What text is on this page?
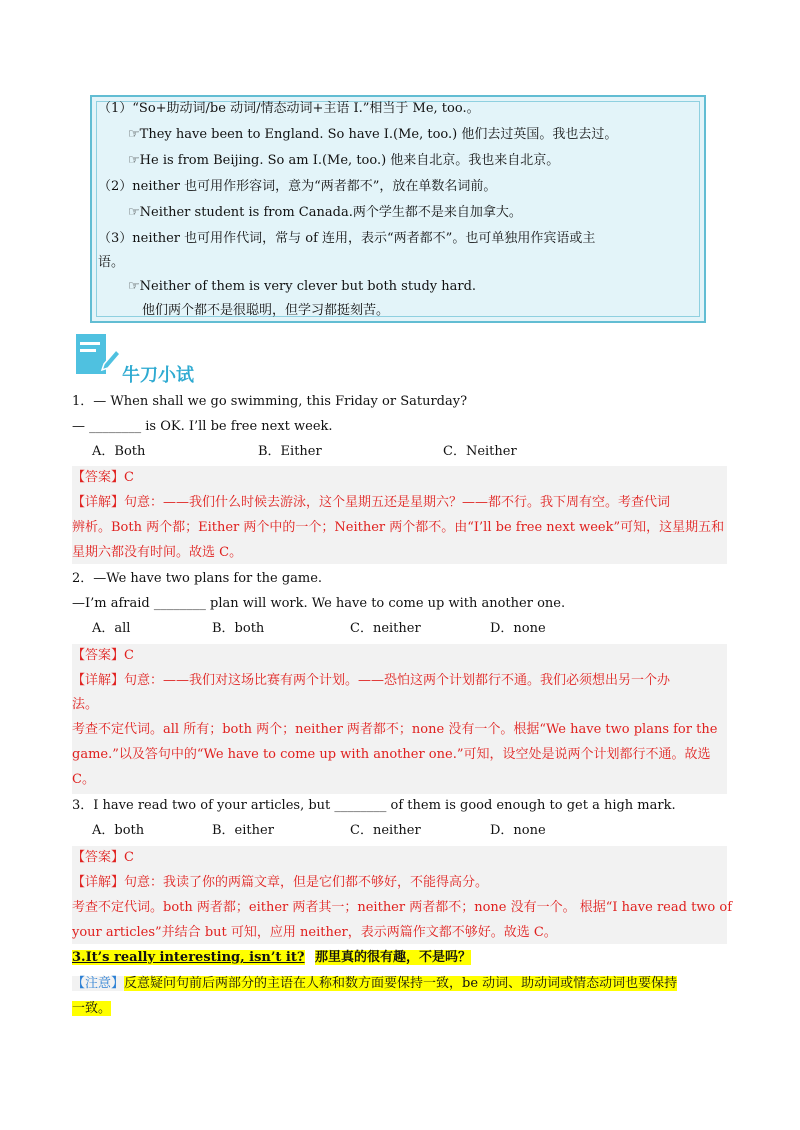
（1）“So+助动词/be 动词/情态动词+主语 I.”相当于 Me, too.。
☞They have been to England. So have I.(Me, too.) 他们去过英国。我也去过。
☞He is from Beijing. So am I.(Me, too.) 他来自北京。我也来自北京。
（2）neither 也可用作形容词，意为“两者都不”，放在单数名词前。
☞Neither student is from Canada.两个学生都不是来自加拿大。
（3）neither 也可用作代词，常与 of 连用，表示“两者都不”。也可单独用作宾语或主
语。
☞Neither of them is very clever but both study hard.
他们两个都不是很聪明，但学习都挺刻苦。
牛刀小试
1．— When shall we go swimming, this Friday or Saturday?
— ________ is OK. I’ll be free next week.
A．Both	B．Either	C．Neither
【答案】C
【详解】句意：——我们什么时候去游泳，这个星期五还是星期六？——都不行。我下周有空。考查代词
辨析。Both 两个都；Either 两个中的一个；Neither 两个都不。由“I’ll be free next week”可知，这星期五和
星期六都没有时间。故选 C。
2．—We have two plans for the game.
—I’m afraid ________ plan will work. We have to come up with another one.
A．all	B．both	C．neither	D．none
【答案】C
【详解】句意：——我们对这场比赛有两个计划。——恐怕这两个计划都行不通。我们必须想出另一个办
法。
考查不定代词。all 所有；both 两个；neither 两者都不；none 没有一个。根据“We have two plans for the
game.”以及答句中的“We have to come up with another one.”可知，设空处是说两个计划都行不通。故选
C。
3．I have read two of your articles, but ________ of them is good enough to get a high mark.
A．both	B．either	C．neither	D．none
【答案】C
【详解】句意：我读了你的两篇文章，但是它们都不够好，不能得高分。
考查不定代词。both 两者都；either 两者其一；neither 两者都不；none 没有一个。 根据“I have read two of
your articles”并结合 but 可知，应用 neither，表示两篇作文都不够好。故选 C。
3.It’s really interesting, isn’t it? 那里真的很有趣，不是吗？
【注意】反意疑问句前后两部分的主语在人称和数方面要保持一致，be 动词、助动词或情态动词也要保持
一致。
